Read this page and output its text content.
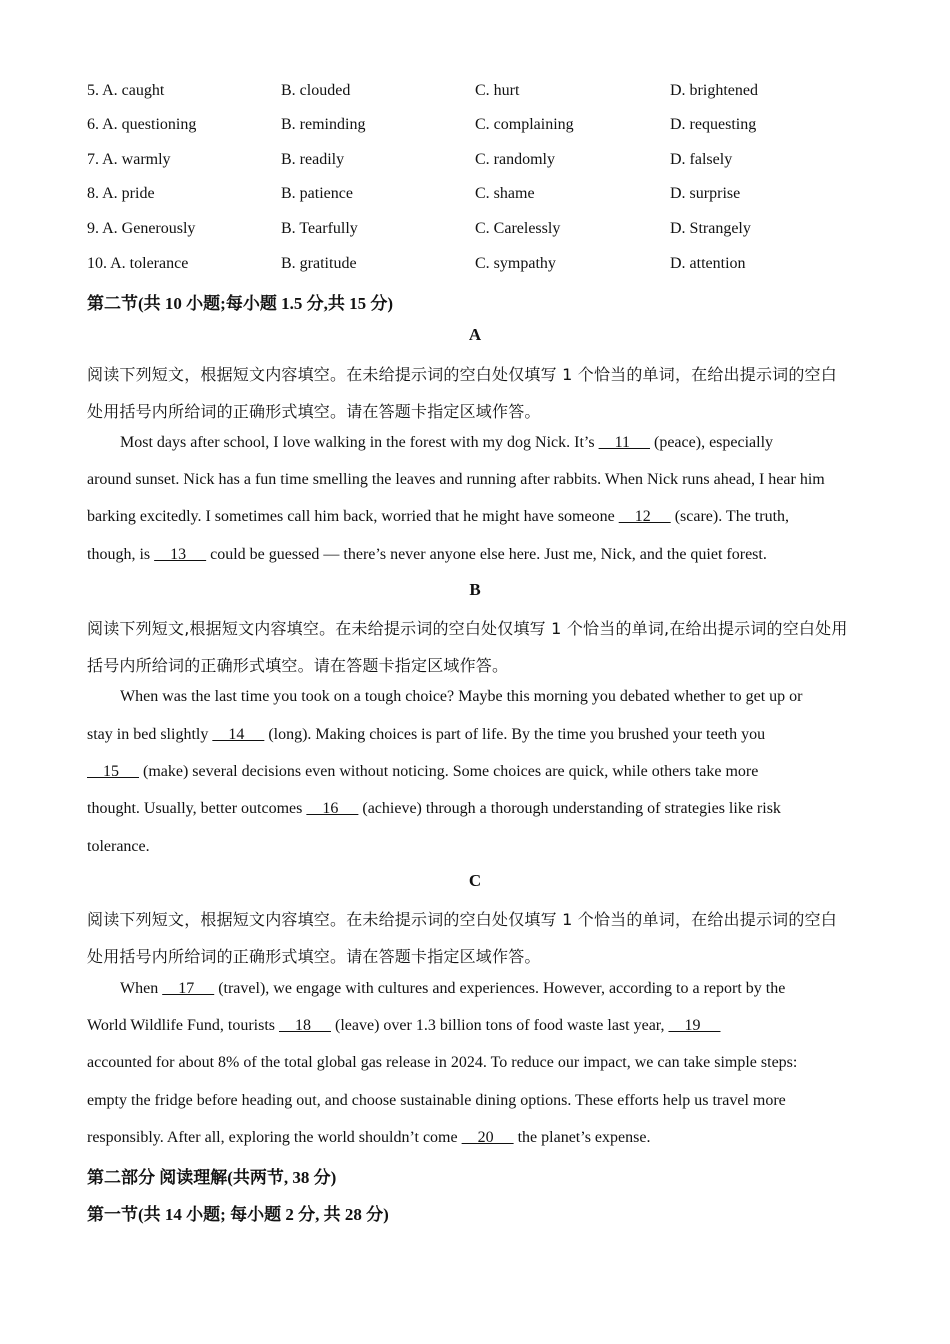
5. A. caught	B. clouded	C. hurt	D. brightened
6. A. questioning	B. reminding	C. complaining	D. requesting
7. A. warmly	B. readily	C. randomly	D. falsely
8. A. pride	B. patience	C. shame	D. surprise
9. A. Generously	B. Tearfully	C. Carelessly	D. Strangely
10. A. tolerance	B. gratitude	C. sympathy	D. attention
第二节(共 10 小题;每小题 1.5 分,共 15 分)
A
阅读下列短文，根据短文内容填空。在未给提示词的空白处仅填写 1 个恰当的单词，在给出提示词的空白
处用括号内所给词的正确形式填空。请在答题卡指定区域作答。
Most days after school, I love walking in the forest with my dog Nick. It’s     11      (peace), especially
around sunset. Nick has a fun time smelling the leaves and running after rabbits. When Nick runs ahead, I hear him
barking excitedly. I sometimes call him back, worried that he might have someone     12      (scare). The truth,
though, is     13      could be guessed — there’s never anyone else here. Just me, Nick, and the quiet forest.
B
阅读下列短文,根据短文内容填空。在未给提示词的空白处仅填写 1 个恰当的单词,在给出提示词的空白处用
括号内所给词的正确形式填空。请在答题卡指定区域作答。
When was the last time you took on a tough choice? Maybe this morning you debated whether to get up or
stay in bed slightly     14      (long). Making choices is part of life. By the time you brushed your teeth you
15      (make) several decisions even without noticing. Some choices are quick, while others take more
thought. Usually, better outcomes     16      (achieve) through a thorough understanding of strategies like risk
tolerance.
C
阅读下列短文，根据短文内容填空。在未给提示词的空白处仅填写 1 个恰当的单词，在给出提示词的空白
处用括号内所给词的正确形式填空。请在答题卡指定区域作答。
When     17      (travel), we engage with cultures and experiences. However, according to a report by the
World Wildlife Fund, tourists     18      (leave) over 1.3 billion tons of food waste last year,     19
accounted for about 8% of the total global gas release in 2024. To reduce our impact, we can take simple steps:
empty the fridge before heading out, and choose sustainable dining options. These efforts help us travel more
responsibly. After all, exploring the world shouldn’t come     20      the planet’s expense.
第二部分 阅读理解(共两节, 38 分)
第一节(共 14 小题; 每小题 2 分, 共 28 分)
